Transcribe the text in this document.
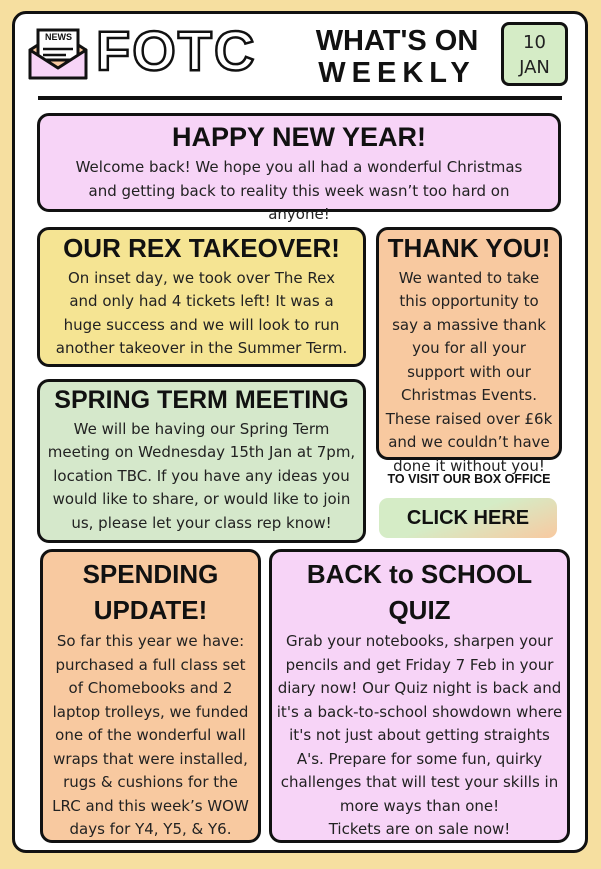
NEWS FOTC	WHAT'S ON
WEEKLY
10
JAN
HAPPY NEW YEAR!

Welcome back! We hope you all had a wonderful Christmas and getting back to reality this week wasn’t too hard on anyone!

OUR REX TAKEOVER!

On inset day, we took over The Rex and only had 4 tickets left! It was a huge success and we will look to run another takeover in the Summer Term.

THANK YOU!

We wanted to take this opportunity to say a massive thank you for all your support with our Christmas Events. These raised over £6k and we couldn’t have done it without you!

SPRING TERM MEETING

We will be having our Spring Term meeting on Wednesday 15th Jan at 7pm, location TBC. If you have any ideas you would like to share, or would like to join us, please let your class rep know!

TO VISIT OUR BOX OFFICE
CLICK HERE
SPENDING
UPDATE!

So far this year we have: purchased a full class set of Chomebooks and 2 laptop trolleys, we funded one of the wonderful wall wraps that were installed, rugs & cushions for the LRC and this week’s WOW days for Y4, Y5, & Y6.

BACK to SCHOOL
QUIZ

Grab your notebooks, sharpen your pencils and get Friday 7 Feb in your diary now! Our Quiz night is back and it's a back-to-school showdown where it's not just about getting straights A's. Prepare for some fun, quirky challenges that will test your skills in more ways than one!

Tickets are on sale now!
